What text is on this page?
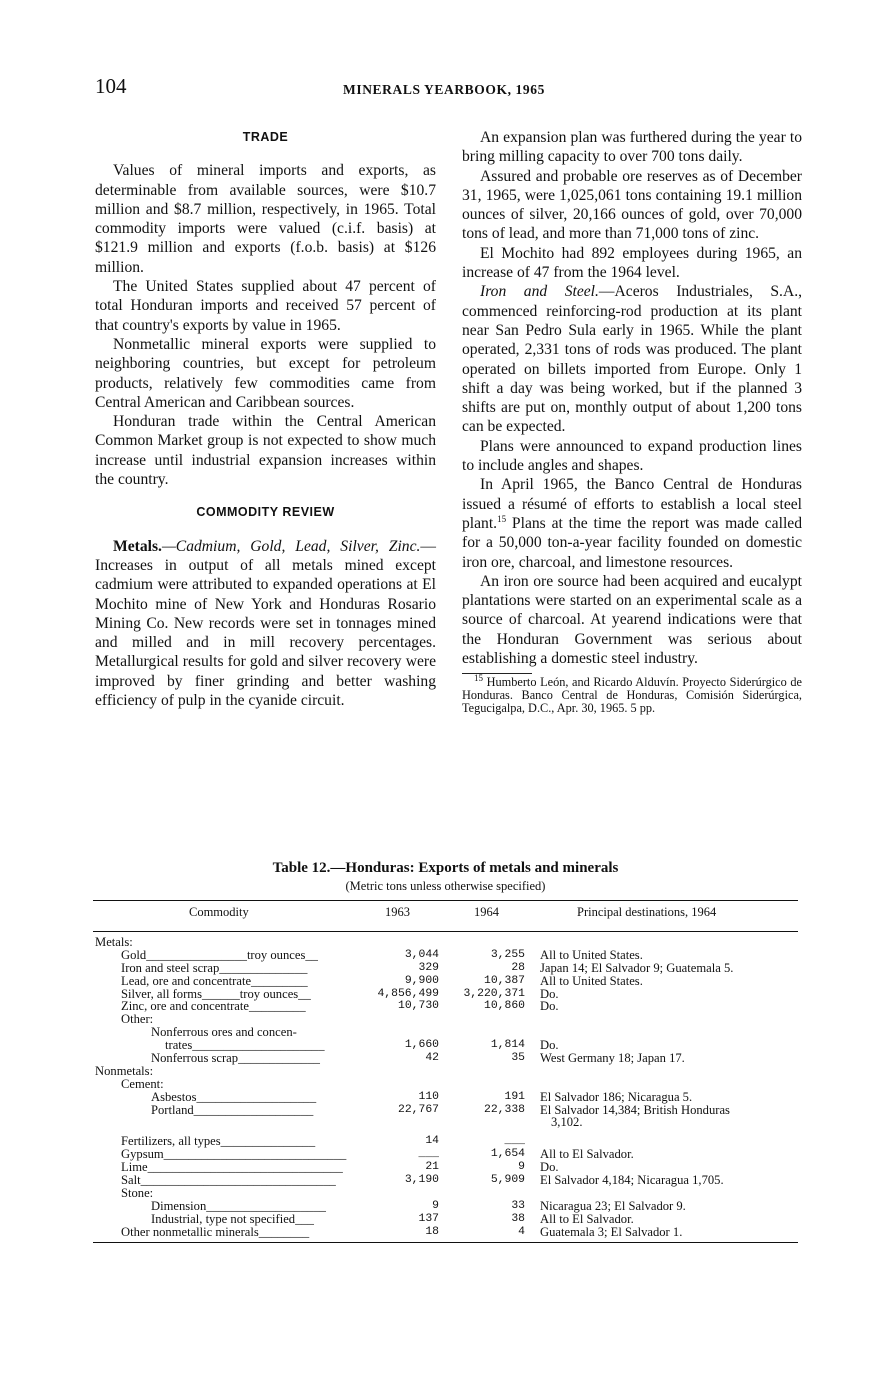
104	MINERALS YEARBOOK, 1965
TRADE

Values of mineral imports and exports, as determinable from available sources, were $10.7 million and $8.7 million, respectively, in 1965. Total commodity imports were valued (c.i.f. basis) at $121.9 million and exports (f.o.b. basis) at $126 million.

The United States supplied about 47 percent of total Honduran imports and received 57 percent of that country's exports by value in 1965.

Nonmetallic mineral exports were supplied to neighboring countries, but except for petroleum products, relatively few commodities came from Central American and Caribbean sources.

Honduran trade within the Central American Common Market group is not expected to show much increase until industrial expansion increases within the country.

COMMODITY REVIEW

Metals.—Cadmium, Gold, Lead, Silver, Zinc.—Increases in output of all metals mined except cadmium were attributed to expanded operations at El Mochito mine of New York and Honduras Rosario Mining Co. New records were set in tonnages mined and milled and in mill recovery percentages. Metallurgical results for gold and silver recovery were improved by finer grinding and better washing efficiency of pulp in the cyanide circuit.

An expansion plan was furthered during the year to bring milling capacity to over 700 tons daily.

Assured and probable ore reserves as of December 31, 1965, were 1,025,061 tons containing 19.1 million ounces of silver, 20,166 ounces of gold, over 70,000 tons of lead, and more than 71,000 tons of zinc.

El Mochito had 892 employees during 1965, an increase of 47 from the 1964 level.

Iron and Steel.—Aceros Industriales, S.A., commenced reinforcing-rod production at its plant near San Pedro Sula early in 1965. While the plant operated, 2,331 tons of rods was produced. The plant operated on billets imported from Europe. Only 1 shift a day was being worked, but if the planned 3 shifts are put on, monthly output of about 1,200 tons can be expected.

Plans were announced to expand production lines to include angles and shapes.

In April 1965, the Banco Central de Honduras issued a résumé of efforts to establish a local steel plant.$^{15}$ Plans at the time the report was made called for a 50,000 ton-a-year facility founded on domestic iron ore, charcoal, and limestone resources.

An iron ore source had been acquired and eucalypt plantations were started on an experimental scale as a source of charcoal. At yearend indications were that the Honduran Government was serious about establishing a domestic steel industry.

$^{15}$ Humberto León, and Ricardo Alduvín. Proyecto Siderúrgico de Honduras. Banco Central de Honduras, Comisión Siderúrgica, Tegucigalpa, D.C., Apr. 30, 1965. 5 pp.
Table 12.—Honduras: Exports of metals and minerals
(Metric tons unless otherwise specified)
Commodity	1963	1964	Principal destinations, 1964
Metals:
Gold________________troy ounces__	3,044	3,255 All to United States.
Iron and steel scrap______________	329	28 Japan 14; El Salvador 9; Guatemala 5.
Lead, ore and concentrate_________	9,900	10,387 All to United States.
Silver, all forms______troy ounces__	4,856,499 3,220,371 Do.
Zinc, ore and concentrate_________	10,730	10,860 Do.
Other:
Nonferrous ores and concen-
trates_____________________	1,660	1,814 Do.
Nonferrous scrap_____________	42	35 West Germany 18; Japan 17.
Nonmetals:
Cement:
Asbestos___________________	110	191 El Salvador 186; Nicaragua 5.
Portland___________________	22,767	22,338 El Salvador 14,384; British Honduras
3,102.
Fertilizers, all types_______________	14	___
Gypsum_____________________________	___	1,654 All to El Salvador.
Lime_______________________________	21	9 Do.
Salt_______________________________	3,190	5,909 El Salvador 4,184; Nicaragua 1,705.
Stone:
Dimension___________________	9	33 Nicaragua 23; El Salvador 9.
Industrial, type not specified___	137	38 All to El Salvador.
Other nonmetallic minerals________	18	4 Guatemala 3; El Salvador 1.
